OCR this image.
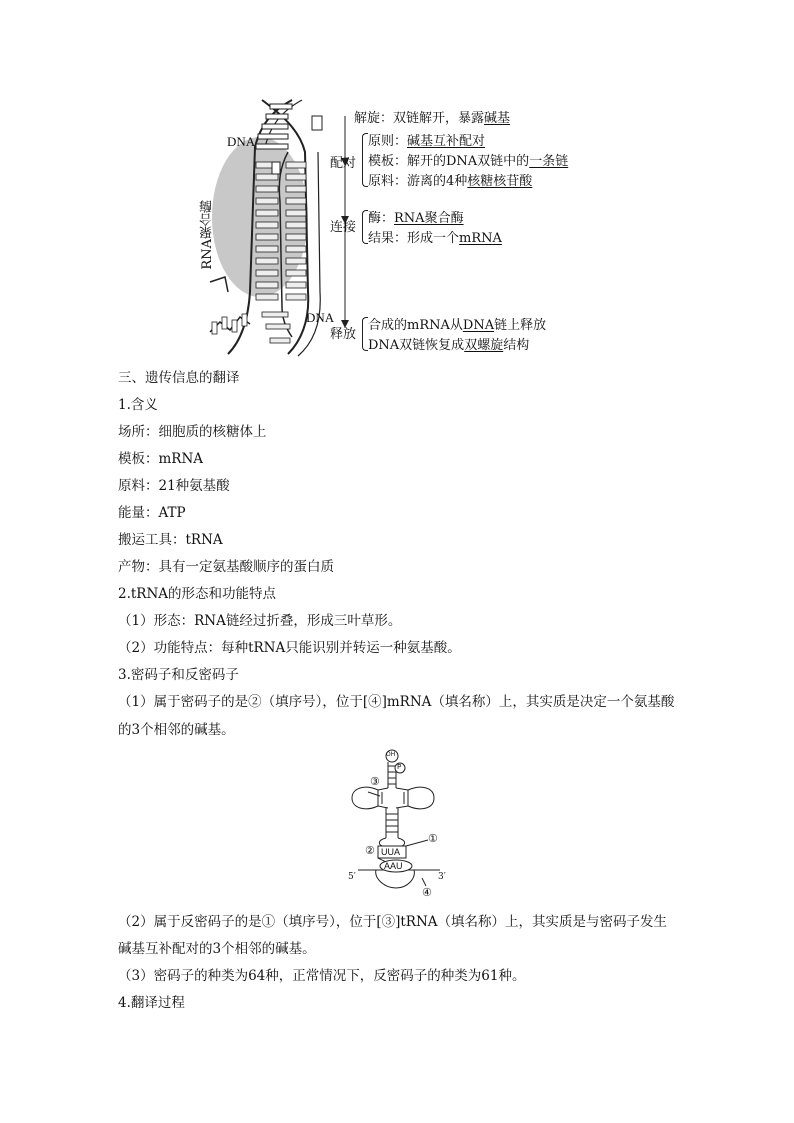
DNA
DNA
RNA聚合酶
解旋：双链解开，暴露碱基
配对
原则：碱基互补配对
模板：解开的DNA双链中的一条链
原料：游离的4种核糖核苷酸
连接
酶：RNA聚合酶
结果：形成一个mRNA
释放
合成的mRNA从DNA链上释放
DNA双链恢复成双螺旋结构
三、遗传信息的翻译
1.含义
场所：细胞质的核糖体上
模板：mRNA
原料：21种氨基酸
能量：ATP
搬运工具：tRNA
产物：具有一定氨基酸顺序的蛋白质
2.tRNA的形态和功能特点
（1）形态：RNA链经过折叠，形成三叶草形。
（2）功能特点：每种tRNA只能识别并转运一种氨基酸。
3.密码子和反密码子
（1）属于密码子的是②（填序号），位于[④]mRNA（填名称）上，其实质是决定一个氨基酸
的3个相邻的碱基。
OH
P
③
①
②
④
UUA
AAU
5′	3′
（2）属于反密码子的是①（填序号），位于[③]tRNA（填名称）上，其实质是与密码子发生
碱基互补配对的3个相邻的碱基。
（3）密码子的种类为64种，正常情况下，反密码子的种类为61种。
4.翻译过程
